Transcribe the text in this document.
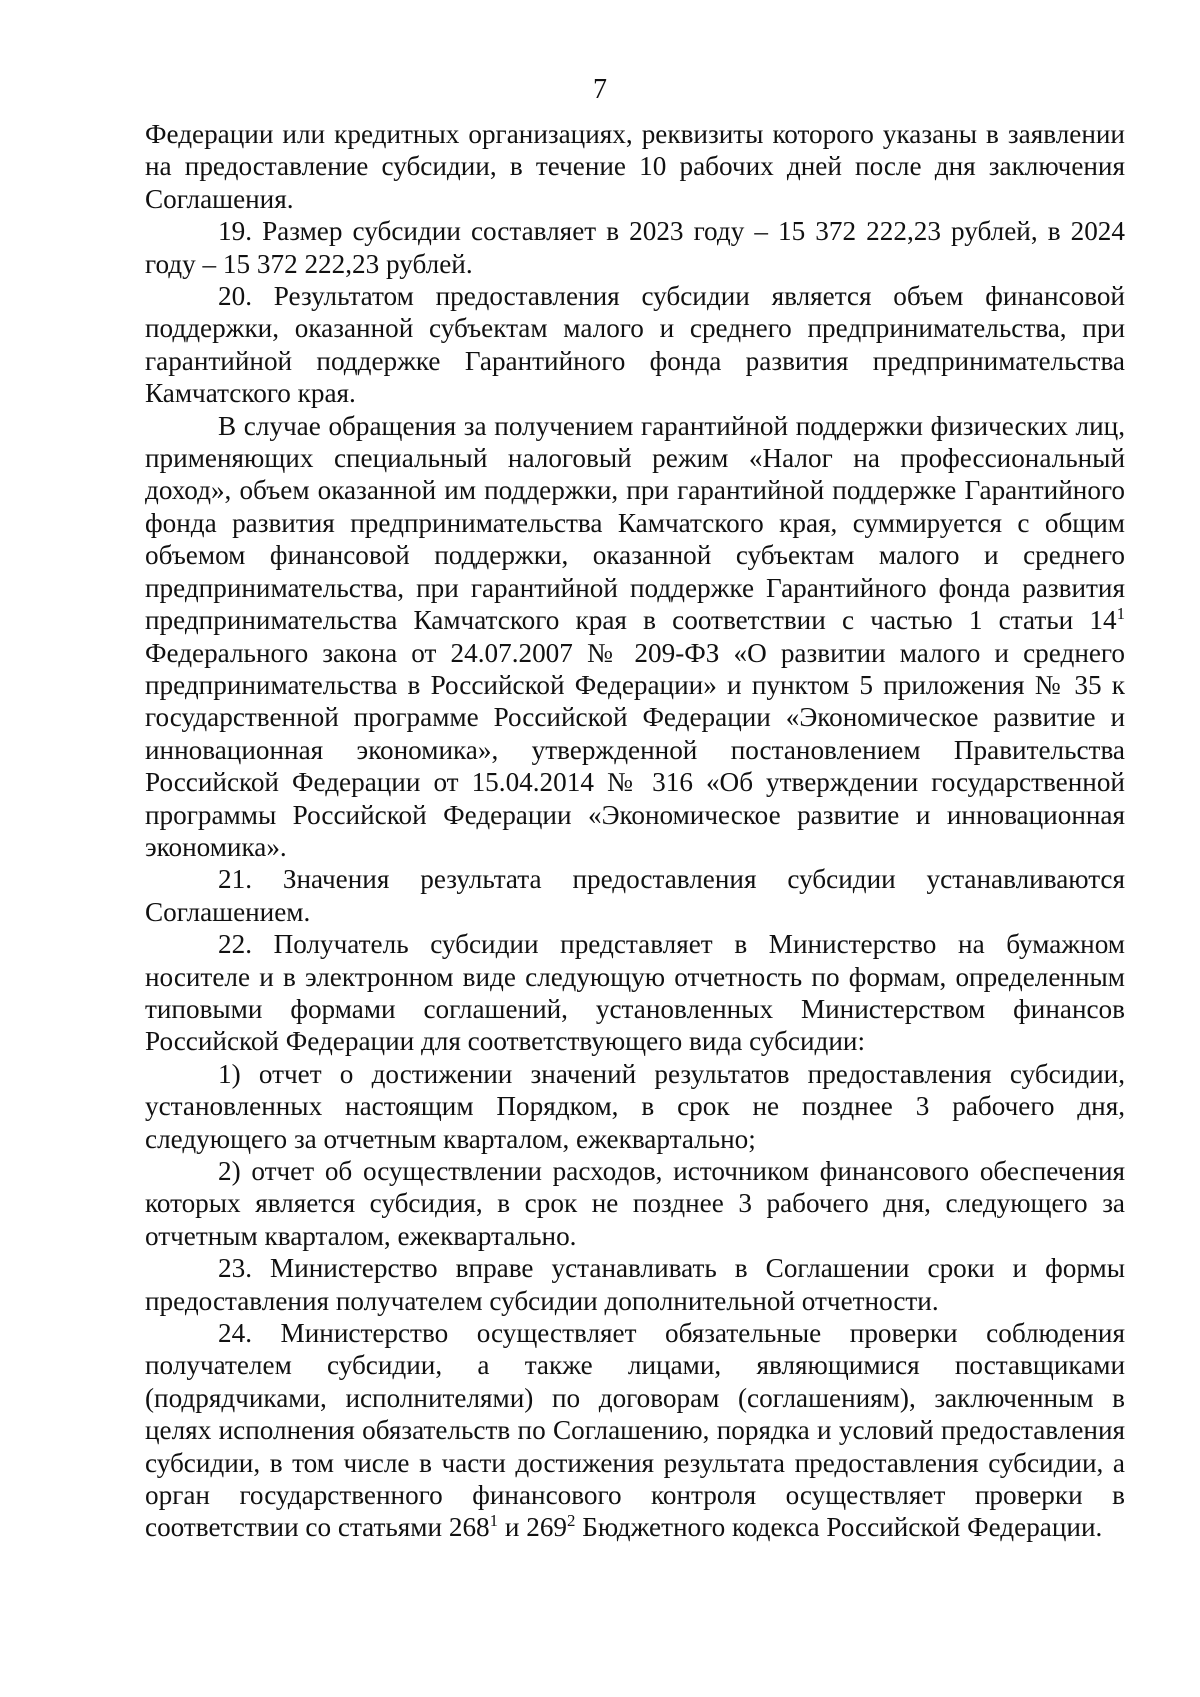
7

Федерации или кредитных организациях, реквизиты которого указаны в заявлении на предоставление субсидии, в течение 10 рабочих дней после дня заключения Соглашения.

19. Размер субсидии составляет в 2023 году – 15 372 222,23 рублей, в 2024 году – 15 372 222,23 рублей.

20. Результатом предоставления субсидии является объем финансовой поддержки, оказанной субъектам малого и среднего предпринимательства, при гарантийной поддержке Гарантийного фонда развития предпринимательства Камчатского края.

В случае обращения за получением гарантийной поддержки физических лиц, применяющих специальный налоговый режим «Налог на профессиональный доход», объем оказанной им поддержки, при гарантийной поддержке Гарантийного фонда развития предпринимательства Камчатского края, суммируется с общим объемом финансовой поддержки, оказанной субъектам малого и среднего предпринимательства, при гарантийной поддержке Гарантийного фонда развития предпринимательства Камчатского края в соответствии с частью 1 статьи $14^1$ Федерального закона от 24.07.2007 № 209-ФЗ «О развитии малого и среднего предпринимательства в Российской Федерации» и пунктом 5 приложения № 35 к государственной программе Российской Федерации «Экономическое развитие и инновационная экономика», утвержденной постановлением Правительства Российской Федерации от 15.04.2014 № 316 «Об утверждении государственной программы Российской Федерации «Экономическое развитие и инновационная экономика».

21. Значения результата предоставления субсидии устанавливаются Соглашением.

22. Получатель субсидии представляет в Министерство на бумажном носителе и в электронном виде следующую отчетность по формам, определенным типовыми формами соглашений, установленных Министерством финансов Российской Федерации для соответствующего вида субсидии:

1) отчет о достижении значений результатов предоставления субсидии, установленных настоящим Порядком, в срок не позднее 3 рабочего дня, следующего за отчетным кварталом, ежеквартально;

2) отчет об осуществлении расходов, источником финансового обеспечения которых является субсидия, в срок не позднее 3 рабочего дня, следующего за отчетным кварталом, ежеквартально.

23. Министерство вправе устанавливать в Соглашении сроки и формы предоставления получателем субсидии дополнительной отчетности.

24. Министерство осуществляет обязательные проверки соблюдения получателем субсидии, а также лицами, являющимися поставщиками (подрядчиками, исполнителями) по договорам (соглашениям), заключенным в целях исполнения обязательств по Соглашению, порядка и условий предоставления субсидии, в том числе в части достижения результата предоставления субсидии, а орган государственного финансового контроля осуществляет проверки в соответствии со статьями $268^1$ и $269^2$ Бюджетного кодекса Российской Федерации.
